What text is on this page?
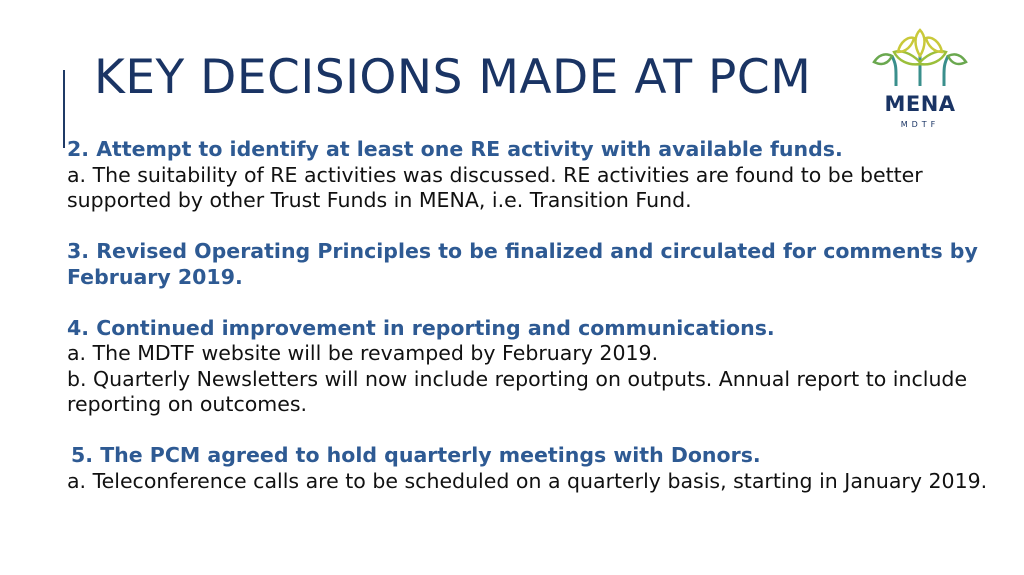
KEY DECISIONS MADE AT PCM	MENA
MDTF

2. Attempt to identify at least one RE activity with available funds.

a. The suitability of RE activities was discussed. RE activities are found to be better supported by other Trust Funds in MENA, i.e. Transition Fund.

3. Revised Operating Principles to be finalized and circulated for comments by February 2019.

4. Continued improvement in reporting and communications.

a. The MDTF website will be revamped by February 2019.

b. Quarterly Newsletters will now include reporting on outputs. Annual report to include reporting on outcomes.

5. The PCM agreed to hold quarterly meetings with Donors.

a. Teleconference calls are to be scheduled on a quarterly basis, starting in January 2019.
